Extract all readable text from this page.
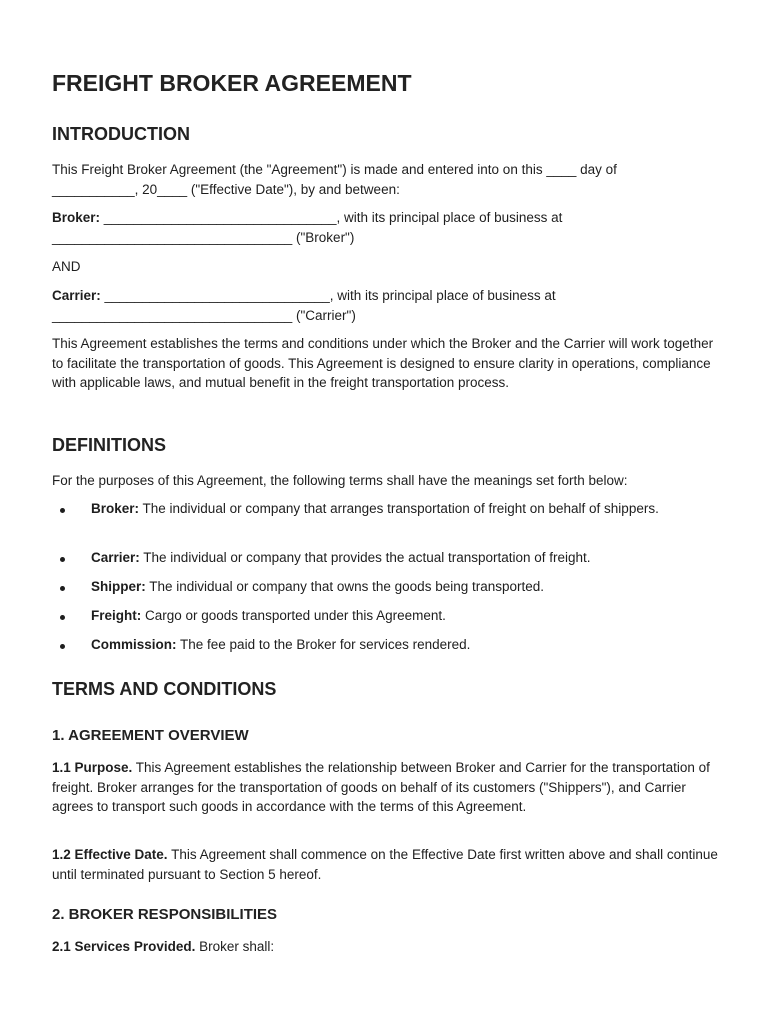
FREIGHT BROKER AGREEMENT
INTRODUCTION

This Freight Broker Agreement (the "Agreement") is made and entered into on this ____ day of
___________, 20____ ("Effective Date"), by and between:

Broker: _______________________________, with its principal place of business at
________________________________ ("Broker")

AND

Carrier: ______________________________, with its principal place of business at
________________________________ ("Carrier")

This Agreement establishes the terms and conditions under which the Broker and the Carrier will work together to facilitate the transportation of goods. This Agreement is designed to ensure clarity in operations, compliance with applicable laws, and mutual benefit in the freight transportation process.

DEFINITIONS

For the purposes of this Agreement, the following terms shall have the meanings set forth below:

Broker: The individual or company that arranges transportation of freight on behalf of shippers.
Carrier: The individual or company that provides the actual transportation of freight.
Shipper: The individual or company that owns the goods being transported.
Freight: Cargo or goods transported under this Agreement.
Commission: The fee paid to the Broker for services rendered.
TERMS AND CONDITIONS
1. AGREEMENT OVERVIEW

1.1 Purpose. This Agreement establishes the relationship between Broker and Carrier for the transportation of freight. Broker arranges for the transportation of goods on behalf of its customers ("Shippers"), and Carrier agrees to transport such goods in accordance with the terms of this Agreement.

1.2 Effective Date. This Agreement shall commence on the Effective Date first written above and shall continue until terminated pursuant to Section 5 hereof.

2. BROKER RESPONSIBILITIES

2.1 Services Provided. Broker shall:
